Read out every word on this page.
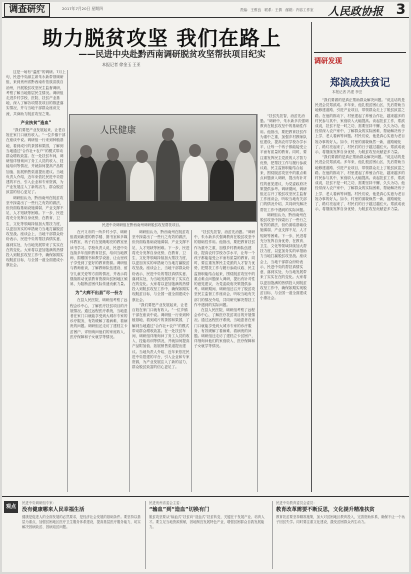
调查研究	2017年7月20日 星期四	责编：王维良　联系：王倩　邮箱：内容工作室 人民政协报 3
助力脱贫攻坚 我们在路上
——民进中央赴黔西南调研脱贫攻坚帮扶项目纪实
本报记者 徐金玉 王亚

这是一场有“温度”的调研。7月上旬，民进中央副主席朱永新带领调研组，来到贵州省黔西南布依族苗族自治州，开展脱贫攻坚民主监督调研，考察了解当地基层民生情况。调研组走进乡村学校、医院、扶贫产业基地，深入了解各项帮扶项目的推进落实情况，并与当地干部群众座谈交流，共商助力脱贫攻坚之策。

产业扶贫“造血”

“我们要把产业发展起来，让老百姓在家门口就有收入。”一位乡镇干部在座谈中说。调研组一行来到种植基地，看到成片的茶园和果园，了解到当地通过“合作社+农户”的模式带动群众增收致富。在一处扶贫车间，调研组详细询问了务工人员的收入、技能培训等情况，并就如何提高产品附加值、拓展销售渠道提出建议。当地负责人介绍，近年来依托民进中央搭建的平台，引入企业和专家资源，为产业发展注入了新的活力，群众脱贫致富的信心更足了。

调研组认为，黔西南州在脱贫攻坚中探索出了一些行之有效的做法，但仍面临基础设施薄弱、产业支撑不足、人才短缺等困难。下一步，民进将充分发挥自身优势，在教育、卫生、文化等领域持续加大帮扶力度，以更加务实的举措助力当地打赢脱贫攻坚战。座谈会上，当地干部群众纷纷表示，民进中央的帮扶真情实意、落到实处，为当地发展带来了实实在在的变化。大家将以更加饱满的热情投入到脱贫攻坚工作中，确保如期实现脱贫目标，与全国一道全面建成小康社会。

人民健康
民进中央调研组在黔西南州调研脱贫攻坚帮扶项目。

在兴义市的一所乡村小学，调研组看到新建的教学楼、图书室和多媒体教室，孩子们在宽敞明亮的教室里读书学习。学校负责人说，民进中央连续多年组织教育扶贫，培训当地教师，捐赠图书和教学设备，让山里孩子享受到了更好的教育资源。调研组与教师座谈，了解教师队伍建设、留守儿童关爱等方面的情况，并表示将继续推动优质教育资源向贫困地区倾斜，为阻断贫困代际传递贡献力量。

为“大病不出县”尽一份力

在县人民医院，调研组考察了远程会诊中心，了解医疗扶贫项目的开展情况。通过远程医疗系统，当地患者在家门口就能享受到大城市专家的诊疗服务，有效缓解了看病难、看病贵的问题。调研组还走访了建档立卡贫困户，详细询问他们的家庭收入、医疗保障和子女就学等情况。

调研组认为，黔西南州在脱贫攻坚中探索出了一些行之有效的做法，但仍面临基础设施薄弱、产业支撑不足、人才短缺等困难。下一步，民进将充分发挥自身优势，在教育、卫生、文化等领域持续加大帮扶力度，以更加务实的举措助力当地打赢脱贫攻坚战。座谈会上，当地干部群众纷纷表示，民进中央的帮扶真情实意、落到实处，为当地发展带来了实实在在的变化。大家将以更加饱满的热情投入到脱贫攻坚工作中，确保如期实现脱贫目标，与全国一道全面建成小康社会。

“我们要把产业发展起来，让老百姓在家门口就有收入。”一位乡镇干部在座谈中说。调研组一行来到种植基地，看到成片的茶园和果园，了解到当地通过“合作社+农户”的模式带动群众增收致富。在一处扶贫车间，调研组详细询问了务工人员的收入、技能培训等情况，并就如何提高产品附加值、拓展销售渠道提出建议。当地负责人介绍，近年来依托民进中央搭建的平台，引入企业和专家资源，为产业发展注入了新的活力，群众脱贫致富的信心更足了。

“扶贫先扶智，治贫先治愚。”调研中，朱永新多次强调教育在脱贫攻坚中的基础性作用。他指出，要把教育扶贫作为重中之重，加强乡村教师队伍建设，提高农村学校办学水平，让每一个孩子都能接受公平而有质量的教育。同时，要注重发挥民主党派的人才智力优势，把帮扶工作与履行参政议政、民主监督职能结合起来，围绕脱贫攻坚中的重点难点问题深入调研，提出有针对性的意见建议，为党委政府决策提供参考。调研期间，调研组还召开了脱贫攻坚民主监督工作座谈会，听取当地有关部门的情况介绍，共同研究解决帮扶工作中遇到的实际问题。

在县人民医院，调研组考察了远程会诊中心，了解医疗扶贫项目的开展情况。通过远程医疗系统，当地患者在家门口就能享受到大城市专家的诊疗服务，有效缓解了看病难、看病贵的问题。调研组还走访了建档立卡贫困户，详细询问他们的家庭收入、医疗保障和子女就学等情况。

“扶贫先扶智，治贫先治愚。”调研中，朱永新多次强调教育在脱贫攻坚中的基础性作用。他指出，要把教育扶贫作为重中之重，加强乡村教师队伍建设，提高农村学校办学水平，让每一个孩子都能接受公平而有质量的教育。同时，要注重发挥民主党派的人才智力优势，把帮扶工作与履行参政议政、民主监督职能结合起来，围绕脱贫攻坚中的重点难点问题深入调研，提出有针对性的意见建议，为党委政府决策提供参考。调研期间，调研组还召开了脱贫攻坚民主监督工作座谈会，听取当地有关部门的情况介绍，共同研究解决帮扶工作中遇到的实际问题。

调研组认为，黔西南州在脱贫攻坚中探索出了一些行之有效的做法，但仍面临基础设施薄弱、产业支撑不足、人才短缺等困难。下一步，民进将充分发挥自身优势，在教育、卫生、文化等领域持续加大帮扶力度，以更加务实的举措助力当地打赢脱贫攻坚战。座谈会上，当地干部群众纷纷表示，民进中央的帮扶真情实意、落到实处，为当地发展带来了实实在在的变化。大家将以更加饱满的热情投入到脱贫攻坚工作中，确保如期实现脱贫目标，与全国一道全面建成小康社会。

调研发现
郑滨成扶贫记
本报记者 冯建 李芸

“我们要做的是真正帮助群众解决问题。”说这话的是民进会员郑滨成。多年来，他扎根贫困山区，先后帮助当地修建道路、引进产业项目，带领群众走上了脱贫致富之路。在他的推动下，村里建起了养殖合作社，越来越多的村民参与其中，家庭收入大幅提高。谈起扶贫工作，郑滨成说，扶贫不是一时之功，需要坚持不懈，久久为功。他经常深入农户家中，了解群众的实际困难，帮助解决孩子上学、老人看病等问题。村民们说，他是真心实意为老百姓办事的好人。如今，村里的面貌焕然一新，道路硬化了，路灯亮起来了，村民们的日子越过越红火。郑滨成表示，将继续发挥自身优势，为脱贫攻坚贡献更多力量。

“我们要做的是真正帮助群众解决问题。”说这话的是民进会员郑滨成。多年来，他扎根贫困山区，先后帮助当地修建道路、引进产业项目，带领群众走上了脱贫致富之路。在他的推动下，村里建起了养殖合作社，越来越多的村民参与其中，家庭收入大幅提高。谈起扶贫工作，郑滨成说，扶贫不是一时之功，需要坚持不懈，久久为功。他经常深入农户家中，了解群众的实际困难，帮助解决孩子上学、老人看病等问题。村民们说，他是真心实意为老百姓办事的好人。如今，村里的面貌焕然一新，道路硬化了，路灯亮起来了，村民们的日子越过越红火。郑滨成表示，将继续发挥自身优势，为脱贫攻坚贡献更多力量。

观点
民进中央调研组专家：
没有健康哪来人民幸福生活
健康是促进人的全面发展的必然要求，是经济社会发展的基础条件。要坚持以基层为重点，加强贫困地区医疗卫生服务体系建设，提高基层医疗服务能力，切实解决因病致贫、因病返贫问题。
民进贵州省委会主委：
“输血”到“造血”切换有门
脱贫攻坚要从“输血式”扶贫向“造血式”扶贫转变，关键在于发展产业、培育人才。要立足当地资源禀赋，因地制宜发展特色产业，增强贫困群众自我发展能力。
民进中央教育委员会委员：
教育改革需要不断反思，文化提升精准扶贫
教育扶贫要坚持精准施策，加大对贫困地区教育投入，完善资助体系，确保不让一个孩子因贫失学。同时要注重文化建设，激发贫困群众内生动力。
